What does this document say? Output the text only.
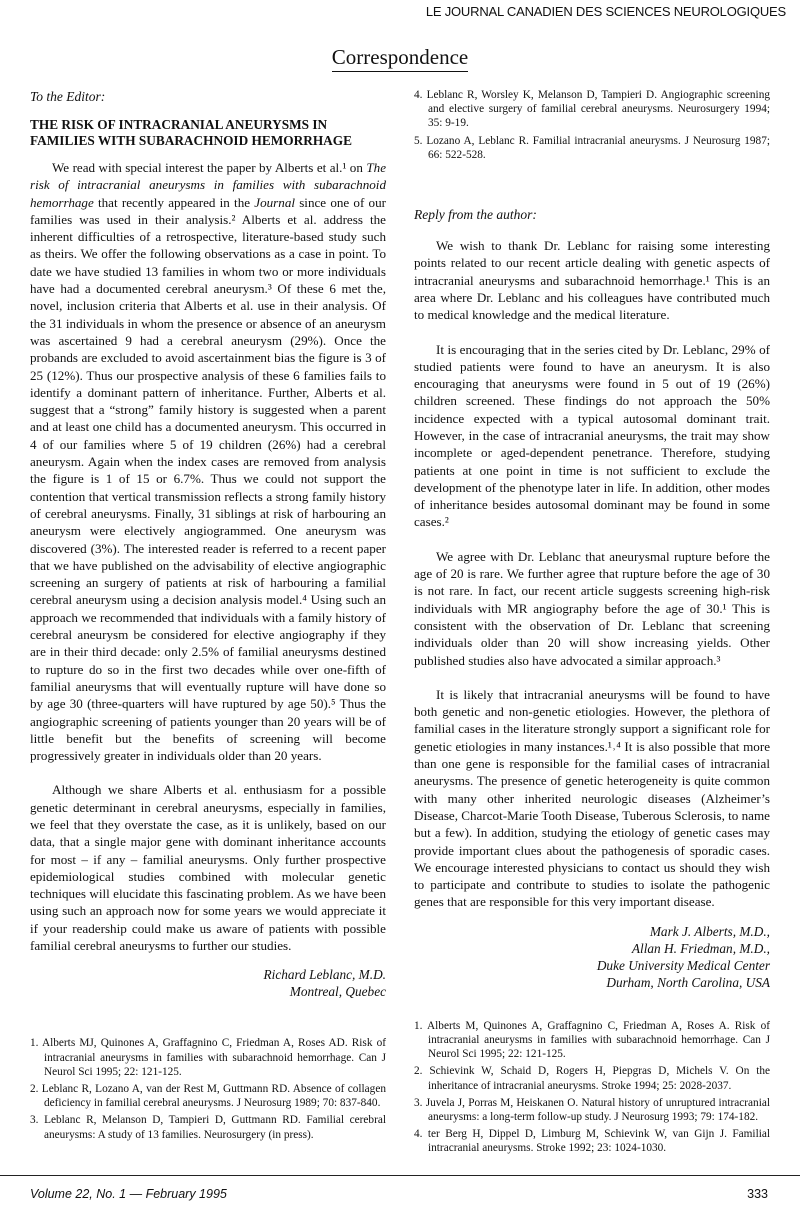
LE JOURNAL CANADIEN DES SCIENCES NEUROLOGIQUES
Correspondence
To the Editor:
THE RISK OF INTRACRANIAL ANEURYSMS IN FAMILIES WITH SUBARACHNOID HEMORRHAGE

We read with special interest the paper by Alberts et al.¹ on The risk of intracranial aneurysms in families with subarachnoid hemorrhage that recently appeared in the Journal since one of our families was used in their analysis.² Alberts et al. address the inherent difficulties of a retrospective, literature-based study such as theirs. We offer the following observations as a case in point. To date we have studied 13 families in whom two or more individuals have had a documented cerebral aneurysm.³ Of these 6 met the, novel, inclusion criteria that Alberts et al. use in their analysis. Of the 31 individuals in whom the presence or absence of an aneurysm was ascertained 9 had a cerebral aneurysm (29%). Once the probands are excluded to avoid ascertainment bias the figure is 3 of 25 (12%). Thus our prospective analysis of these 6 families fails to identify a dominant pattern of inheritance. Further, Alberts et al. suggest that a “strong” family history is suggested when a parent and at least one child has a documented aneurysm. This occurred in 4 of our families where 5 of 19 children (26%) had a cerebral aneurysm. Again when the index cases are removed from analysis the figure is 1 of 15 or 6.7%. Thus we could not support the contention that vertical transmission reflects a strong family history of cerebral aneurysms. Finally, 31 siblings at risk of harbouring an aneurysm were electively angiogrammed. One aneurysm was discovered (3%). The interested reader is referred to a recent paper that we have published on the advisability of elective angiographic screening an surgery of patients at risk of harbouring a familial cerebral aneurysm using a decision analysis model.⁴ Using such an approach we recommended that individuals with a family history of cerebral aneurysm be considered for elective angiography if they are in their third decade: only 2.5% of familial aneurysms destined to rupture do so in the first two decades while over one-fifth of familial aneurysms that will eventually rupture will have done so by age 30 (three-quarters will have ruptured by age 50).⁵ Thus the angiographic screening of patients younger than 20 years will be of little benefit but the benefits of screening will become progressively greater in individuals older than 20 years.

Although we share Alberts et al. enthusiasm for a possible genetic determinant in cerebral aneurysms, especially in families, we feel that they overstate the case, as it is unlikely, based on our data, that a single major gene with dominant inheritance accounts for most – if any – familial aneurysms. Only further prospective epidemiological studies combined with molecular genetic techniques will elucidate this fascinating problem. As we have been using such an approach now for some years we would appreciate it if your readership could make us aware of patients with possible familial cerebral aneurysms to further our studies.

Richard Leblanc, M.D.
Montreal, Quebec
1. Alberts MJ, Quinones A, Graffagnino C, Friedman A, Roses AD. Risk of intracranial aneurysms in families with subarachnoid hemorrhage. Can J Neurol Sci 1995; 22: 121-125.
2. Leblanc R, Lozano A, van der Rest M, Guttmann RD. Absence of collagen deficiency in familial cerebral aneurysms. J Neurosurg 1989; 70: 837-840.
3. Leblanc R, Melanson D, Tampieri D, Guttmann RD. Familial cerebral aneurysms: A study of 13 families. Neurosurgery (in press).
4. Leblanc R, Worsley K, Melanson D, Tampieri D. Angiographic screening and elective surgery of familial cerebral aneurysms. Neurosurgery 1994; 35: 9-19.
5. Lozano A, Leblanc R. Familial intracranial aneurysms. J Neurosurg 1987; 66: 522-528.
Reply from the author:

We wish to thank Dr. Leblanc for raising some interesting points related to our recent article dealing with genetic aspects of intracranial aneurysms and subarachnoid hemorrhage.¹ This is an area where Dr. Leblanc and his colleagues have contributed much to medical knowledge and the medical literature.

It is encouraging that in the series cited by Dr. Leblanc, 29% of studied patients were found to have an aneurysm. It is also encouraging that aneurysms were found in 5 out of 19 (26%) children screened. These findings do not approach the 50% incidence expected with a typical autosomal dominant trait. However, in the case of intracranial aneurysms, the trait may show incomplete or aged-dependent penetrance. Therefore, studying patients at one point in time is not sufficient to exclude the development of the phenotype later in life. In addition, other modes of inheritance besides autosomal dominant may be found in some cases.²

We agree with Dr. Leblanc that aneurysmal rupture before the age of 20 is rare. We further agree that rupture before the age of 30 is not rare. In fact, our recent article suggests screening high-risk individuals with MR angiography before the age of 30.¹ This is consistent with the observation of Dr. Leblanc that screening individuals older than 20 will show increasing yields. Other published studies also have advocated a similar approach.³

It is likely that intracranial aneurysms will be found to have both genetic and non-genetic etiologies. However, the plethora of familial cases in the literature strongly support a significant role for genetic etiologies in many instances.¹˒⁴ It is also possible that more than one gene is responsible for the familial cases of intracranial aneurysms. The presence of genetic heterogeneity is quite common with many other inherited neurologic diseases (Alzheimer’s Disease, Charcot-Marie Tooth Disease, Tuberous Sclerosis, to name but a few). In addition, studying the etiology of genetic cases may provide important clues about the pathogenesis of sporadic cases. We encourage interested physicians to contact us should they wish to participate and contribute to studies to isolate the pathogenic genes that are responsible for this very important disease.

Mark J. Alberts, M.D.,
Allan H. Friedman, M.D.,
Duke University Medical Center
Durham, North Carolina, USA
1. Alberts M, Quinones A, Graffagnino C, Friedman A, Roses A. Risk of intracranial aneurysms in families with subarachnoid hemorrhage. Can J Neurol Sci 1995; 22: 121-125.
2. Schievink W, Schaid D, Rogers H, Piepgras D, Michels V. On the inheritance of intracranial aneurysms. Stroke 1994; 25: 2028-2037.
3. Juvela J, Porras M, Heiskanen O. Natural history of unruptured intracranial aneurysms: a long-term follow-up study. J Neurosurg 1993; 79: 174-182.
4. ter Berg H, Dippel D, Limburg M, Schievink W, van Gijn J. Familial intracranial aneurysms. Stroke 1992; 23: 1024-1030.
Volume 22, No. 1 — February 1995	333
